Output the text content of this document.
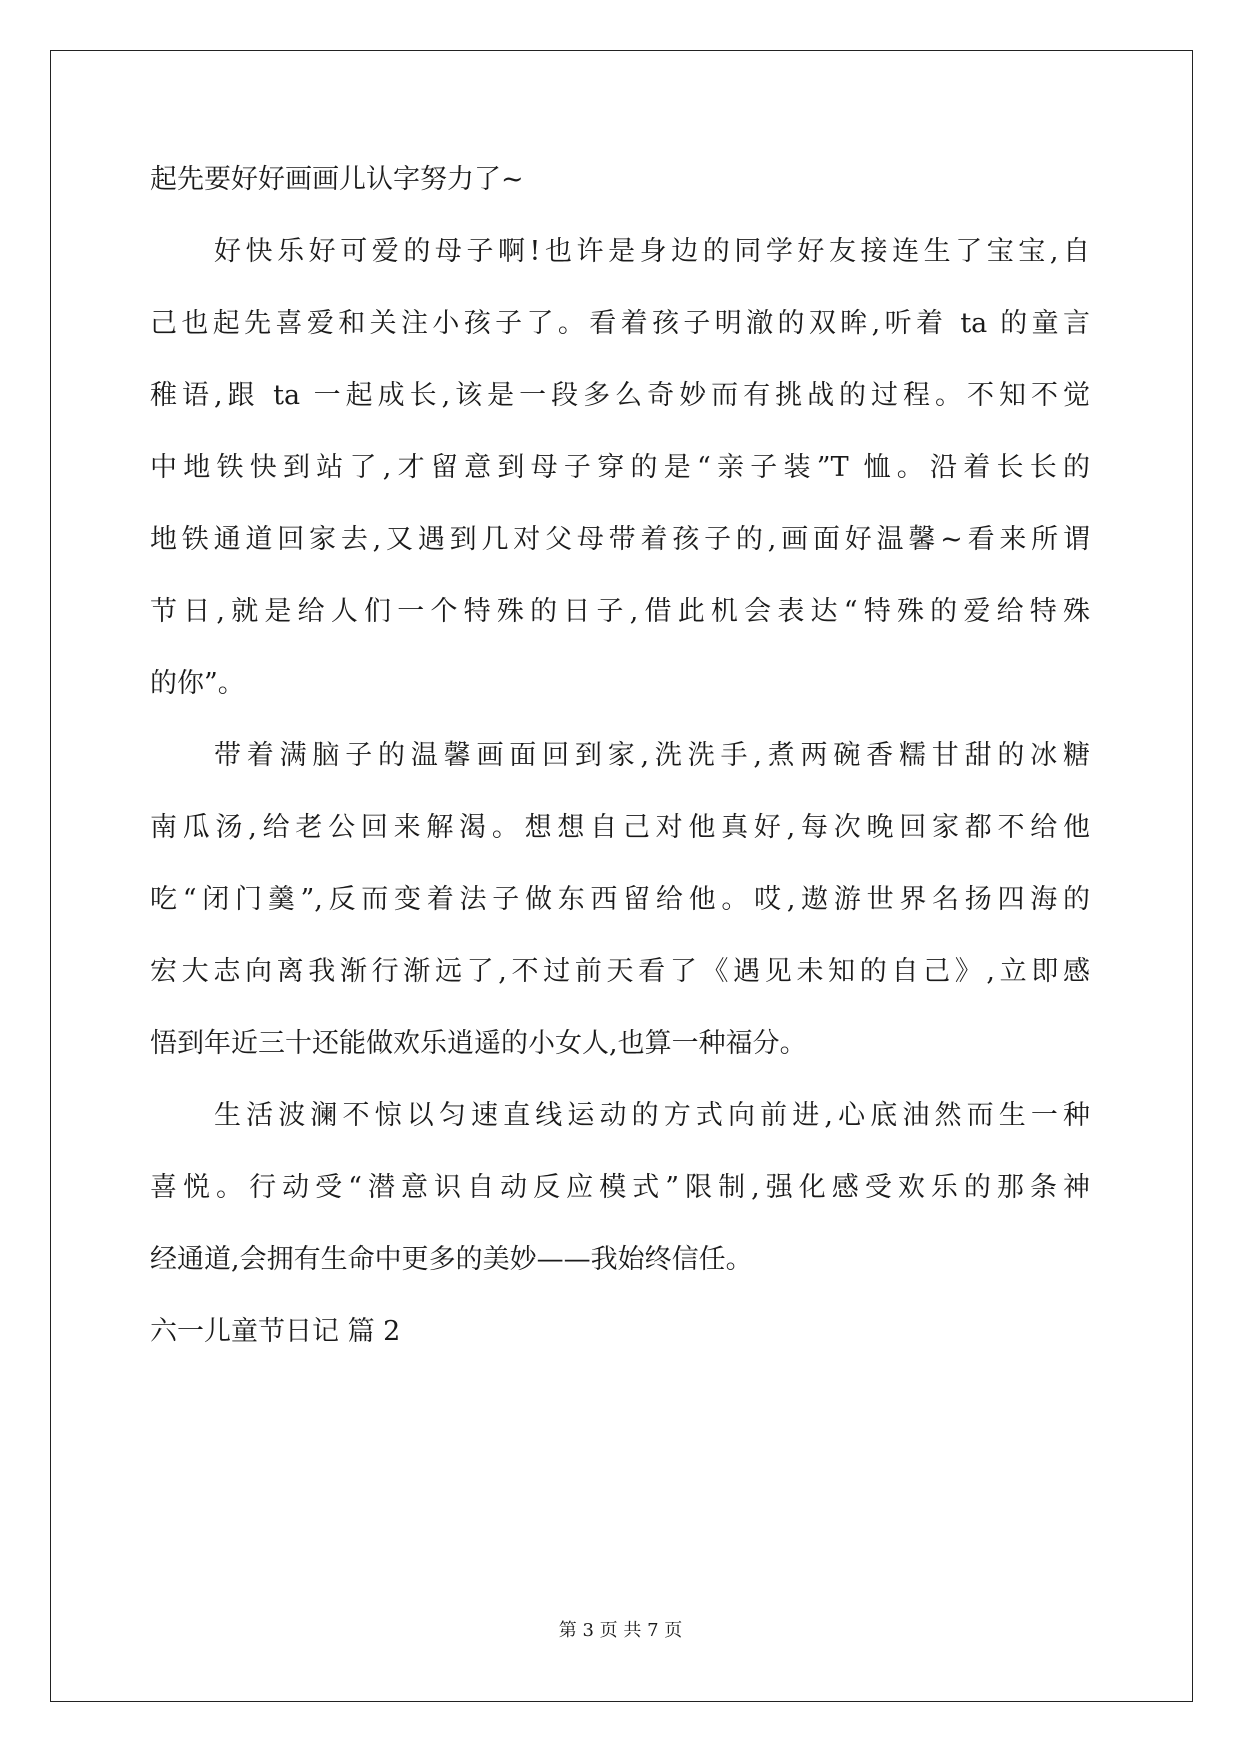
起先要好好画画儿认字努力了~
好快乐好可爱的母子啊!也许是身边的同学好友接连生了宝宝,自
己也起先喜爱和关注小孩子了。看着孩子明澈的双眸,听着 ta 的童言
稚语,跟 ta 一起成长,该是一段多么奇妙而有挑战的过程。不知不觉
中地铁快到站了,才留意到母子穿的是“亲子装”T 恤。沿着长长的
地铁通道回家去,又遇到几对父母带着孩子的,画面好温馨~看来所谓
节日,就是给人们一个特殊的日子,借此机会表达“特殊的爱给特殊
的你”。
带着满脑子的温馨画面回到家,洗洗手,煮两碗香糯甘甜的冰糖
南瓜汤,给老公回来解渴。想想自己对他真好,每次晚回家都不给他
吃“闭门羹”,反而变着法子做东西留给他。哎,遨游世界名扬四海的
宏大志向离我渐行渐远了,不过前天看了《遇见未知的自己》,立即感
悟到年近三十还能做欢乐逍遥的小女人,也算一种福分。
生活波澜不惊以匀速直线运动的方式向前进,心底油然而生一种
喜悦。行动受“潜意识自动反应模式”限制,强化感受欢乐的那条神
经通道,会拥有生命中更多的美妙——我始终信任。
六一儿童节日记 篇 2
第 3 页 共 7 页
